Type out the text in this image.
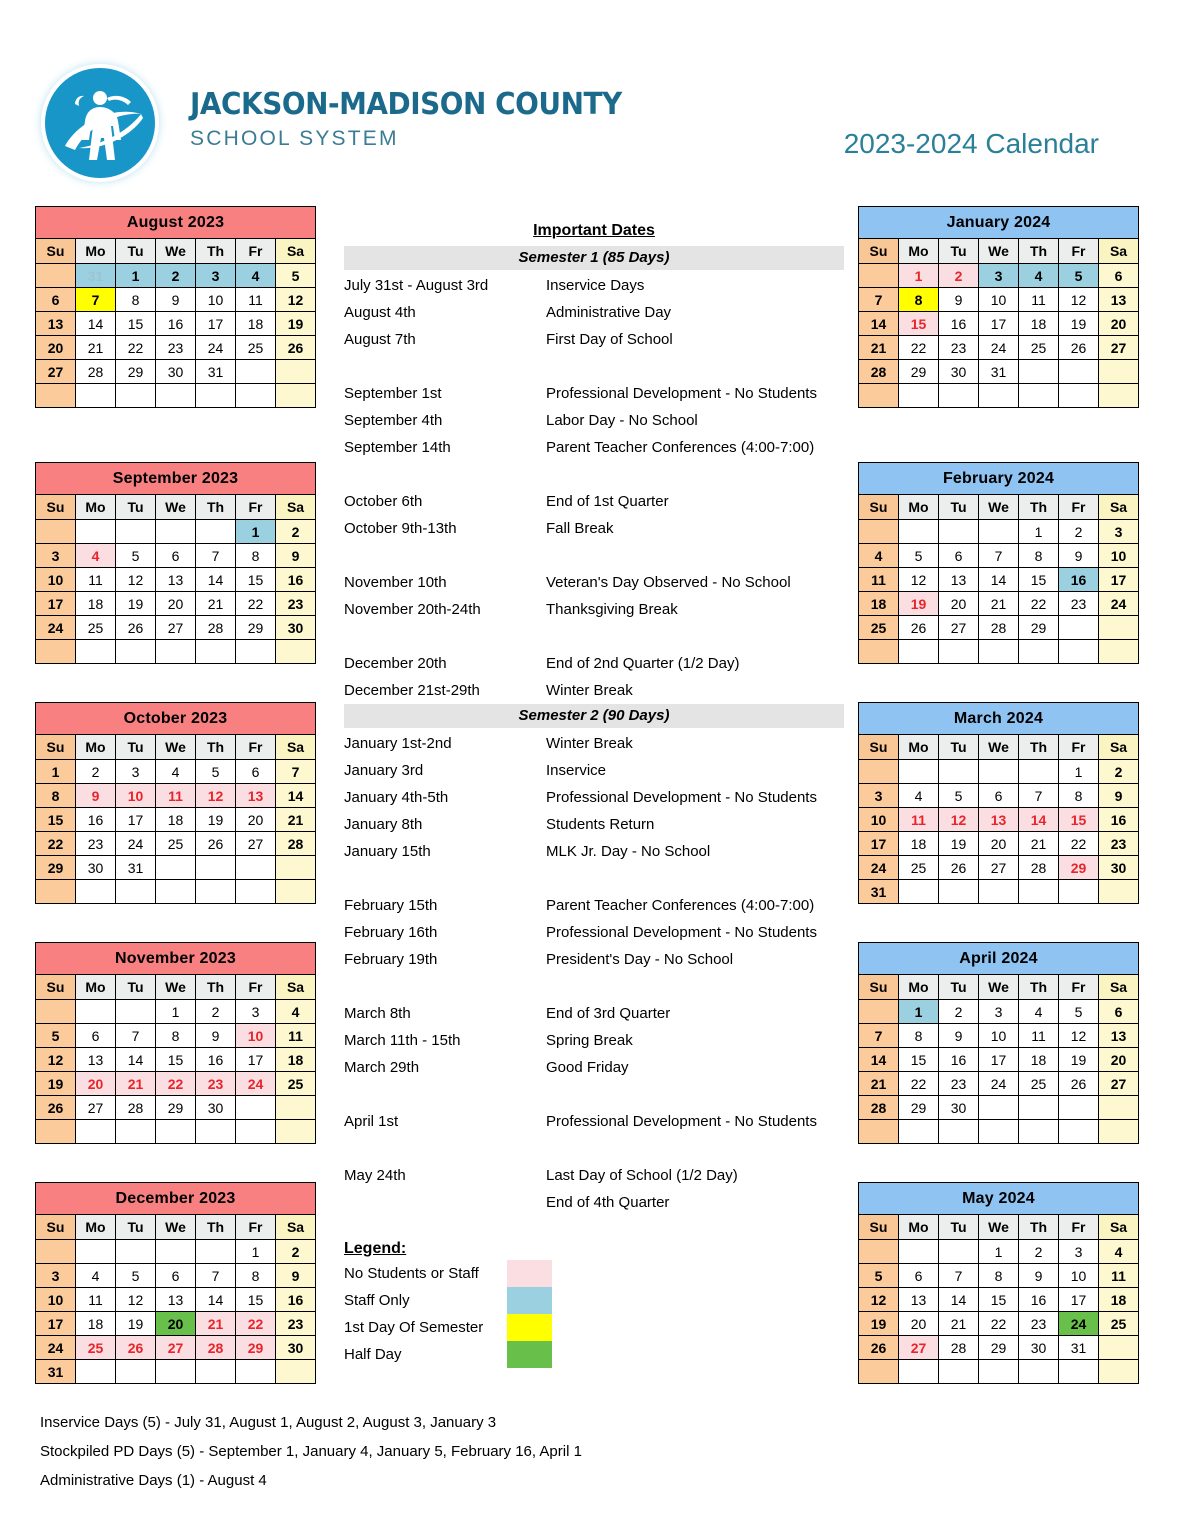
JACKSON-MADISON COUNTY
SCHOOL SYSTEM	2023-2024 Calendar
August 2023						
Su	Mo	Tu	We	Th	Fr	Sa
	31	1	2	3	4	5
6	7	8	9	10	11	12
13	14	15	16	17	18	19
20	21	22	23	24	25	26
27	28	29	30	31		

September 2023						
Su	Mo	Tu	We	Th	Fr	Sa
					1	2
3	4	5	6	7	8	9
10	11	12	13	14	15	16
17	18	19	20	21	22	23
24	25	26	27	28	29	30

October 2023						
Su	Mo	Tu	We	Th	Fr	Sa
1	2	3	4	5	6	7
8	9	10	11	12	13	14
15	16	17	18	19	20	21
22	23	24	25	26	27	28
29	30	31				

November 2023						
Su	Mo	Tu	We	Th	Fr	Sa
			1	2	3	4
5	6	7	8	9	10	11
12	13	14	15	16	17	18
19	20	21	22	23	24	25
26	27	28	29	30		

December 2023						
Su	Mo	Tu	We	Th	Fr	Sa
					1	2
3	4	5	6	7	8	9
10	11	12	13	14	15	16
17	18	19	20	21	22	23
24	25	26	27	28	29	30
31						
January 2024						
Su	Mo	Tu	We	Th	Fr	Sa
	1	2	3	4	5	6
7	8	9	10	11	12	13
14	15	16	17	18	19	20
21	22	23	24	25	26	27
28	29	30	31			

February 2024						
Su	Mo	Tu	We	Th	Fr	Sa
				1	2	3
4	5	6	7	8	9	10
11	12	13	14	15	16	17
18	19	20	21	22	23	24
25	26	27	28	29		

March 2024						
Su	Mo	Tu	We	Th	Fr	Sa
					1	2
3	4	5	6	7	8	9
10	11	12	13	14	15	16
17	18	19	20	21	22	23
24	25	26	27	28	29	30
31						
April 2024						
Su	Mo	Tu	We	Th	Fr	Sa
	1	2	3	4	5	6
7	8	9	10	11	12	13
14	15	16	17	18	19	20
21	22	23	24	25	26	27
28	29	30				

May 2024						
Su	Mo	Tu	We	Th	Fr	Sa
			1	2	3	4
5	6	7	8	9	10	11
12	13	14	15	16	17	18
19	20	21	22	23	24	25
26	27	28	29	30	31	

Important Dates
Semester 1 (85 Days)
July 31st - August 3rd	Inservice Days
August 4th	Administrative Day
August 7th	First Day of School

September 1st	Professional Development - No Students
September 4th	Labor Day - No School
September 14th	Parent Teacher Conferences (4:00-7:00)

October 6th	End of 1st Quarter
October 9th-13th	Fall Break

November 10th	Veteran's Day Observed - No School
November 20th-24th	Thanksgiving Break

December 20th	End of 2nd Quarter (1/2 Day)
December 21st-29th	Winter Break
Semester 2 (90 Days)
January 1st-2nd	Winter Break
January 3rd	Inservice
January 4th-5th	Professional Development - No Students
January 8th	Students Return
January 15th	MLK Jr. Day - No School

February 15th	Parent Teacher Conferences (4:00-7:00)
February 16th	Professional Development - No Students
February 19th	President's Day - No School

March 8th	End of 3rd Quarter
March 11th - 15th	Spring Break
March 29th	Good Friday

April 1st	Professional Development - No Students

May 24th	Last Day of School (1/2 Day)
	End of 4th Quarter
Legend:
No Students or Staff
Staff Only
1st Day Of Semester
Half Day
Inservice Days (5) - July 31, August 1, August 2, August 3, January 3
Stockpiled PD Days (5) - September 1, January 4, January 5, February 16, April 1
Administrative Days (1) - August 4
